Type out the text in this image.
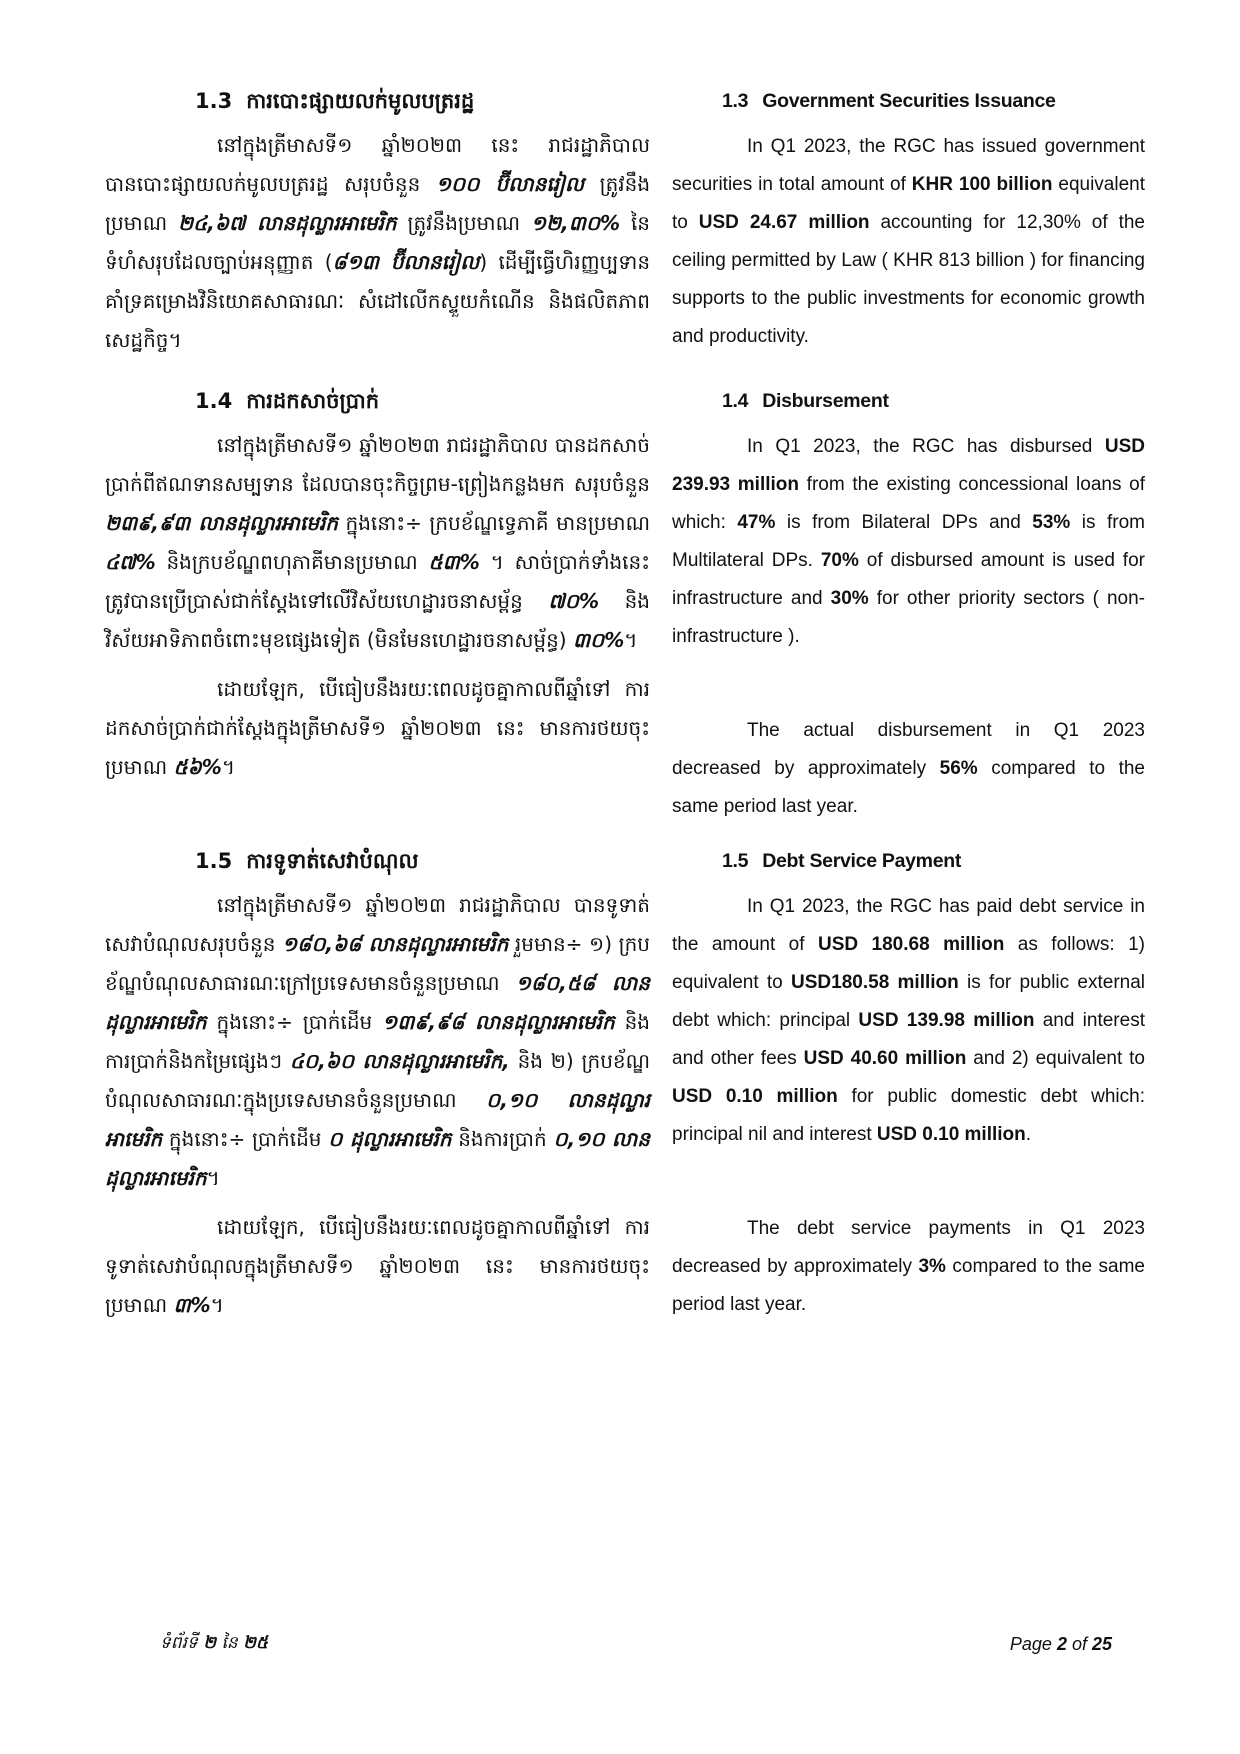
1.3 ការបោះផ្សាយលក់មូលបត្ររដ្ឋ

នៅក្នុងត្រីមាសទី១ ឆ្នាំ២០២៣ នេះ រាជរដ្ឋាភិបាល បានបោះផ្សាយលក់មូលបត្ររដ្ឋ សរុបចំនួន ១០០ ប៊ីលានរៀល ត្រូវនឹងប្រមាណ ២៤,៦៧ លានដុល្លារអាមេរិក ត្រូវនឹងប្រមាណ ១២,៣០% នៃទំហំសរុបដែលច្បាប់អនុញ្ញាត (៨១៣ ប៊ីលានរៀល) ដើម្បីធ្វើហិរញ្ញប្បទានគាំទ្រគម្រោងវិនិយោគសាធារណៈ សំដៅលើកស្ទួយកំណើន និងផលិតភាពសេដ្ឋកិច្ច។

1.3 Government Securities Issuance

In Q1 2023, the RGC has issued government securities in total amount of KHR 100 billion equivalent to USD 24.67 million accounting for 12,30% of the ceiling permitted by Law ( KHR 813 billion ) for financing supports to the public investments for economic growth and productivity.

1.4 ការដកសាច់ប្រាក់

នៅក្នុងត្រីមាសទី១ ឆ្នាំ២០២៣ រាជរដ្ឋាភិបាល បានដកសាច់ប្រាក់ពីឥណទានសម្បទាន ដែលបានចុះកិច្ចព្រម-ព្រៀងកន្លងមក សរុបចំនួន ២៣៩,៩៣ លានដុល្លារអាមេរិក ក្នុងនោះ÷ ក្របខ័ណ្ឌទ្វេភាគី មានប្រមាណ ៤៧% និងក្របខ័ណ្ឌពហុភាគីមានប្រមាណ ៥៣% ។ សាច់ប្រាក់ទាំងនេះត្រូវបានប្រើប្រាស់ជាក់ស្តែងទៅលើវិស័យហេដ្ឋារចនាសម្ព័ន្ធ ៧០% និងវិស័យអាទិភាពចំពោះមុខផ្សេងទៀត (មិនមែនហេដ្ឋារចនាសម្ព័ន្ធ) ៣០%។

ដោយឡែក, បើធៀបនឹងរយៈពេលដូចគ្នាកាលពីឆ្នាំទៅ ការដកសាច់ប្រាក់ជាក់ស្តែងក្នុងត្រីមាសទី១ ឆ្នាំ២០២៣ នេះ មានការថយចុះប្រមាណ ៥៦%។

1.4 Disbursement

In Q1 2023, the RGC has disbursed USD 239.93 million from the existing concessional loans of which: 47% is from Bilateral DPs and 53% is from Multilateral DPs. 70% of disbursed amount is used for infrastructure and 30% for other priority sectors ( non-infrastructure ).

The actual disbursement in Q1 2023 decreased by approximately 56% compared to the same period last year.

1.5 ការទូទាត់សេវាបំណុល

នៅក្នុងត្រីមាសទី១ ឆ្នាំ២០២៣ រាជរដ្ឋាភិបាល បានទូទាត់សេវាបំណុលសរុបចំនួន ១៨០,៦៨ លានដុល្លារអាមេរិក រួមមាន÷ ១) ក្របខ័ណ្ឌបំណុលសាធារណៈក្រៅប្រទេសមានចំនួនប្រមាណ ១៨០,៥៨ លានដុល្លារអាមេរិក ក្នុងនោះ÷ ប្រាក់ដើម ១៣៩,៩៨ លានដុល្លារអាមេរិក និងការប្រាក់និងកម្រៃផ្សេងៗ ៤០,៦០ លានដុល្លារអាមេរិក, និង ២) ក្របខ័ណ្ឌបំណុលសាធារណៈក្នុងប្រទេសមានចំនួនប្រមាណ ០,១០ លានដុល្លារអាមេរិក ក្នុងនោះ÷ ប្រាក់ដើម ០ ដុល្លារអាមេរិក និងការប្រាក់ ០,១០ លានដុល្លារអាមេរិក។

ដោយឡែក, បើធៀបនឹងរយៈពេលដូចគ្នាកាលពីឆ្នាំទៅ ការទូទាត់សេវាបំណុលក្នុងត្រីមាសទី១ ឆ្នាំ២០២៣ នេះ មានការថយចុះប្រមាណ ៣%។

1.5 Debt Service Payment

In Q1 2023, the RGC has paid debt service in the amount of USD 180.68 million as follows: 1) equivalent to USD180.58 million is for public external debt which: principal USD 139.98 million and interest and other fees USD 40.60 million and 2) equivalent to USD 0.10 million for public domestic debt which: principal nil and interest USD 0.10 million.

The debt service payments in Q1 2023 decreased by approximately 3% compared to the same period last year.

ទំព័រទី ២ នៃ ២៥	Page 2 of 25
